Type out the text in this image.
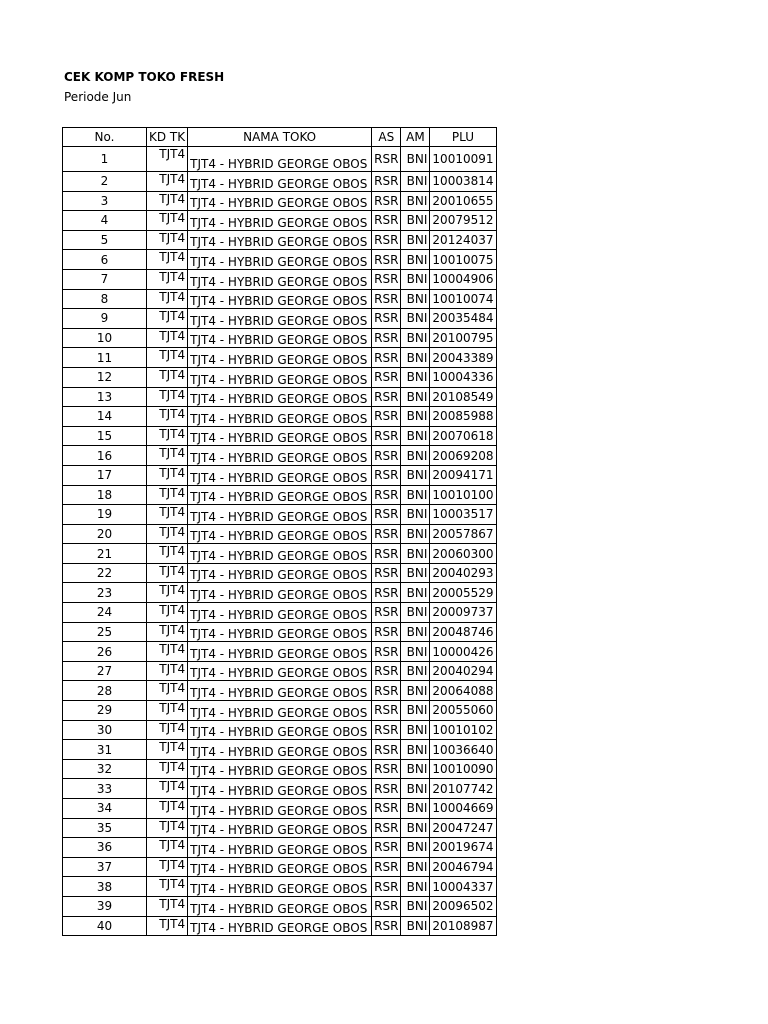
CEK KOMP TOKO FRESH
Periode Jun
No.	KD TK	NAMA TOKO	AS	AM	PLU
1	TJT4	TJT4 - HYBRID GEORGE OBOS	RSR	BNI	10010091
2	TJT4	TJT4 - HYBRID GEORGE OBOS	RSR	BNI	10003814
3	TJT4	TJT4 - HYBRID GEORGE OBOS	RSR	BNI	20010655
4	TJT4	TJT4 - HYBRID GEORGE OBOS	RSR	BNI	20079512
5	TJT4	TJT4 - HYBRID GEORGE OBOS	RSR	BNI	20124037
6	TJT4	TJT4 - HYBRID GEORGE OBOS	RSR	BNI	10010075
7	TJT4	TJT4 - HYBRID GEORGE OBOS	RSR	BNI	10004906
8	TJT4	TJT4 - HYBRID GEORGE OBOS	RSR	BNI	10010074
9	TJT4	TJT4 - HYBRID GEORGE OBOS	RSR	BNI	20035484
10	TJT4	TJT4 - HYBRID GEORGE OBOS	RSR	BNI	20100795
11	TJT4	TJT4 - HYBRID GEORGE OBOS	RSR	BNI	20043389
12	TJT4	TJT4 - HYBRID GEORGE OBOS	RSR	BNI	10004336
13	TJT4	TJT4 - HYBRID GEORGE OBOS	RSR	BNI	20108549
14	TJT4	TJT4 - HYBRID GEORGE OBOS	RSR	BNI	20085988
15	TJT4	TJT4 - HYBRID GEORGE OBOS	RSR	BNI	20070618
16	TJT4	TJT4 - HYBRID GEORGE OBOS	RSR	BNI	20069208
17	TJT4	TJT4 - HYBRID GEORGE OBOS	RSR	BNI	20094171
18	TJT4	TJT4 - HYBRID GEORGE OBOS	RSR	BNI	10010100
19	TJT4	TJT4 - HYBRID GEORGE OBOS	RSR	BNI	10003517
20	TJT4	TJT4 - HYBRID GEORGE OBOS	RSR	BNI	20057867
21	TJT4	TJT4 - HYBRID GEORGE OBOS	RSR	BNI	20060300
22	TJT4	TJT4 - HYBRID GEORGE OBOS	RSR	BNI	20040293
23	TJT4	TJT4 - HYBRID GEORGE OBOS	RSR	BNI	20005529
24	TJT4	TJT4 - HYBRID GEORGE OBOS	RSR	BNI	20009737
25	TJT4	TJT4 - HYBRID GEORGE OBOS	RSR	BNI	20048746
26	TJT4	TJT4 - HYBRID GEORGE OBOS	RSR	BNI	10000426
27	TJT4	TJT4 - HYBRID GEORGE OBOS	RSR	BNI	20040294
28	TJT4	TJT4 - HYBRID GEORGE OBOS	RSR	BNI	20064088
29	TJT4	TJT4 - HYBRID GEORGE OBOS	RSR	BNI	20055060
30	TJT4	TJT4 - HYBRID GEORGE OBOS	RSR	BNI	10010102
31	TJT4	TJT4 - HYBRID GEORGE OBOS	RSR	BNI	10036640
32	TJT4	TJT4 - HYBRID GEORGE OBOS	RSR	BNI	10010090
33	TJT4	TJT4 - HYBRID GEORGE OBOS	RSR	BNI	20107742
34	TJT4	TJT4 - HYBRID GEORGE OBOS	RSR	BNI	10004669
35	TJT4	TJT4 - HYBRID GEORGE OBOS	RSR	BNI	20047247
36	TJT4	TJT4 - HYBRID GEORGE OBOS	RSR	BNI	20019674
37	TJT4	TJT4 - HYBRID GEORGE OBOS	RSR	BNI	20046794
38	TJT4	TJT4 - HYBRID GEORGE OBOS	RSR	BNI	10004337
39	TJT4	TJT4 - HYBRID GEORGE OBOS	RSR	BNI	20096502
40	TJT4	TJT4 - HYBRID GEORGE OBOS	RSR	BNI	20108987
